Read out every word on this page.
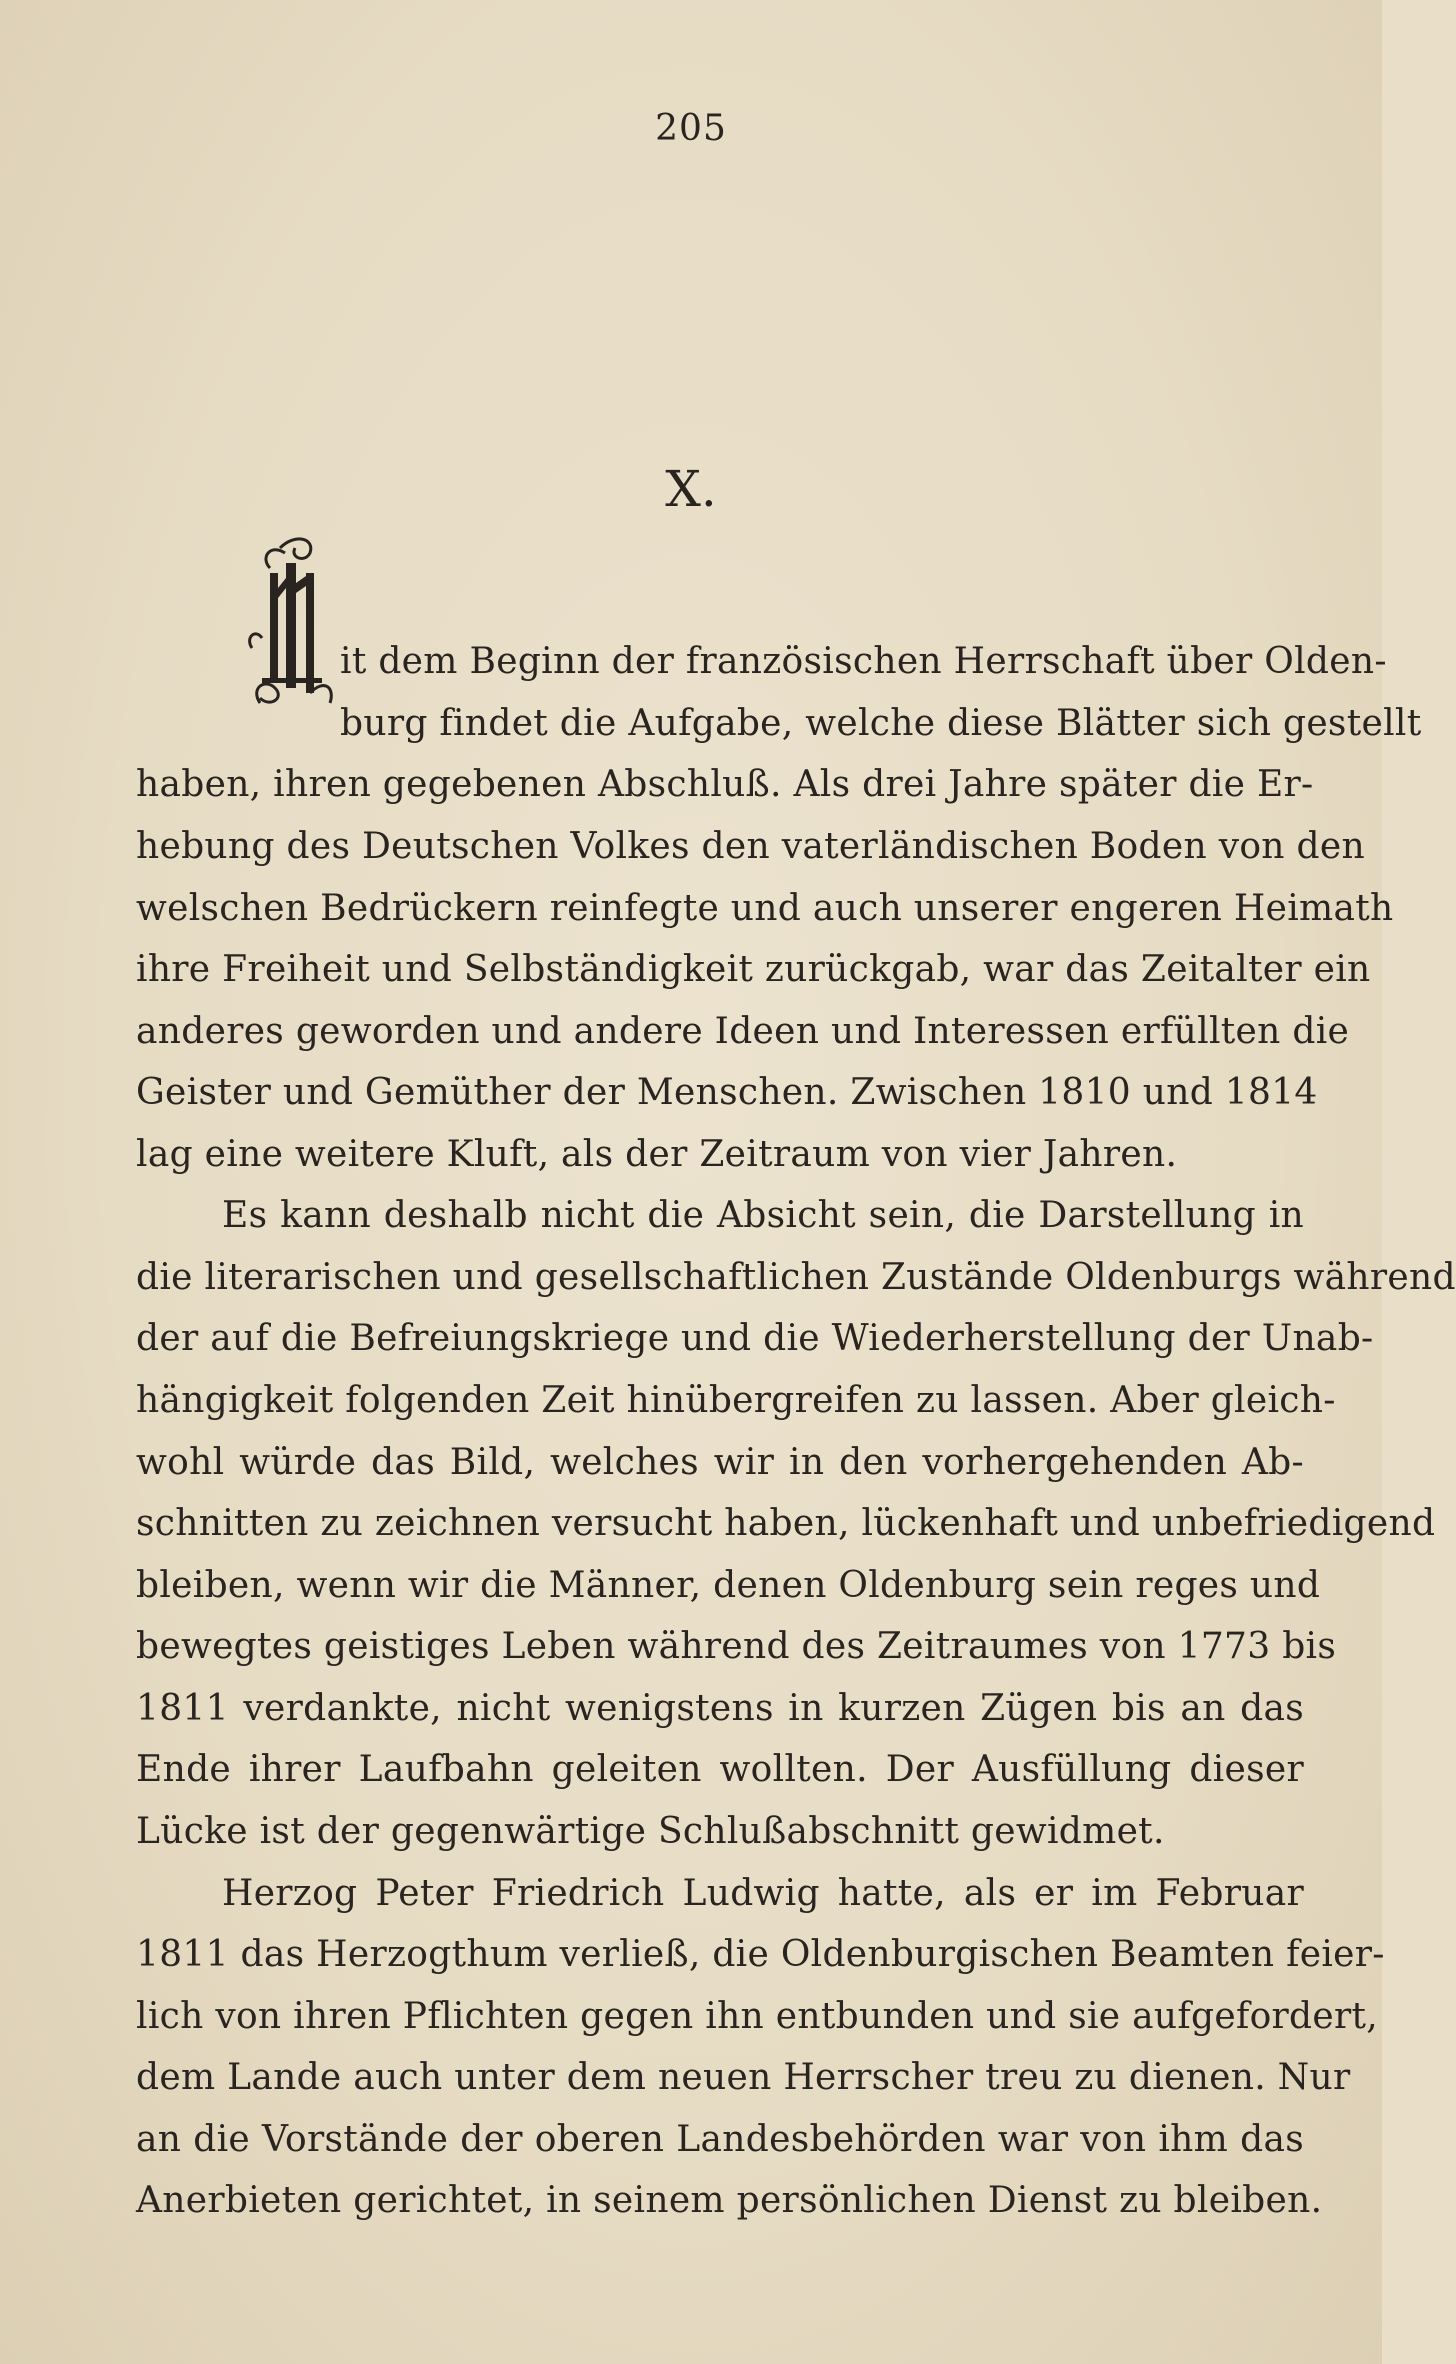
205
X.
M
it dem Beginn der französischen Herrschaft über Olden-
burg findet die Aufgabe, welche diese Blätter sich gestellt
haben, ihren gegebenen Abschluß. Als drei Jahre später die Er-
hebung des Deutschen Volkes den vaterländischen Boden von den
welschen Bedrückern reinfegte und auch unserer engeren Heimath
ihre Freiheit und Selbständigkeit zurückgab, war das Zeitalter ein
anderes geworden und andere Ideen und Interessen erfüllten die
Geister und Gemüther der Menschen. Zwischen 1810 und 1814
lag eine weitere Kluft, als der Zeitraum von vier Jahren.
Es kann deshalb nicht die Absicht sein, die Darstellung in
die literarischen und gesellschaftlichen Zustände Oldenburgs während
der auf die Befreiungskriege und die Wiederherstellung der Unab-
hängigkeit folgenden Zeit hinübergreifen zu lassen. Aber gleich-
wohl würde das Bild, welches wir in den vorhergehenden Ab-
schnitten zu zeichnen versucht haben, lückenhaft und unbefriedigend
bleiben, wenn wir die Männer, denen Oldenburg sein reges und
bewegtes geistiges Leben während des Zeitraumes von 1773 bis
1811 verdankte, nicht wenigstens in kurzen Zügen bis an das
Ende ihrer Laufbahn geleiten wollten. Der Ausfüllung dieser
Lücke ist der gegenwärtige Schlußabschnitt gewidmet.
Herzog Peter Friedrich Ludwig hatte, als er im Februar
1811 das Herzogthum verließ, die Oldenburgischen Beamten feier-
lich von ihren Pflichten gegen ihn entbunden und sie aufgefordert,
dem Lande auch unter dem neuen Herrscher treu zu dienen. Nur
an die Vorstände der oberen Landesbehörden war von ihm das
Anerbieten gerichtet, in seinem persönlichen Dienst zu bleiben.
